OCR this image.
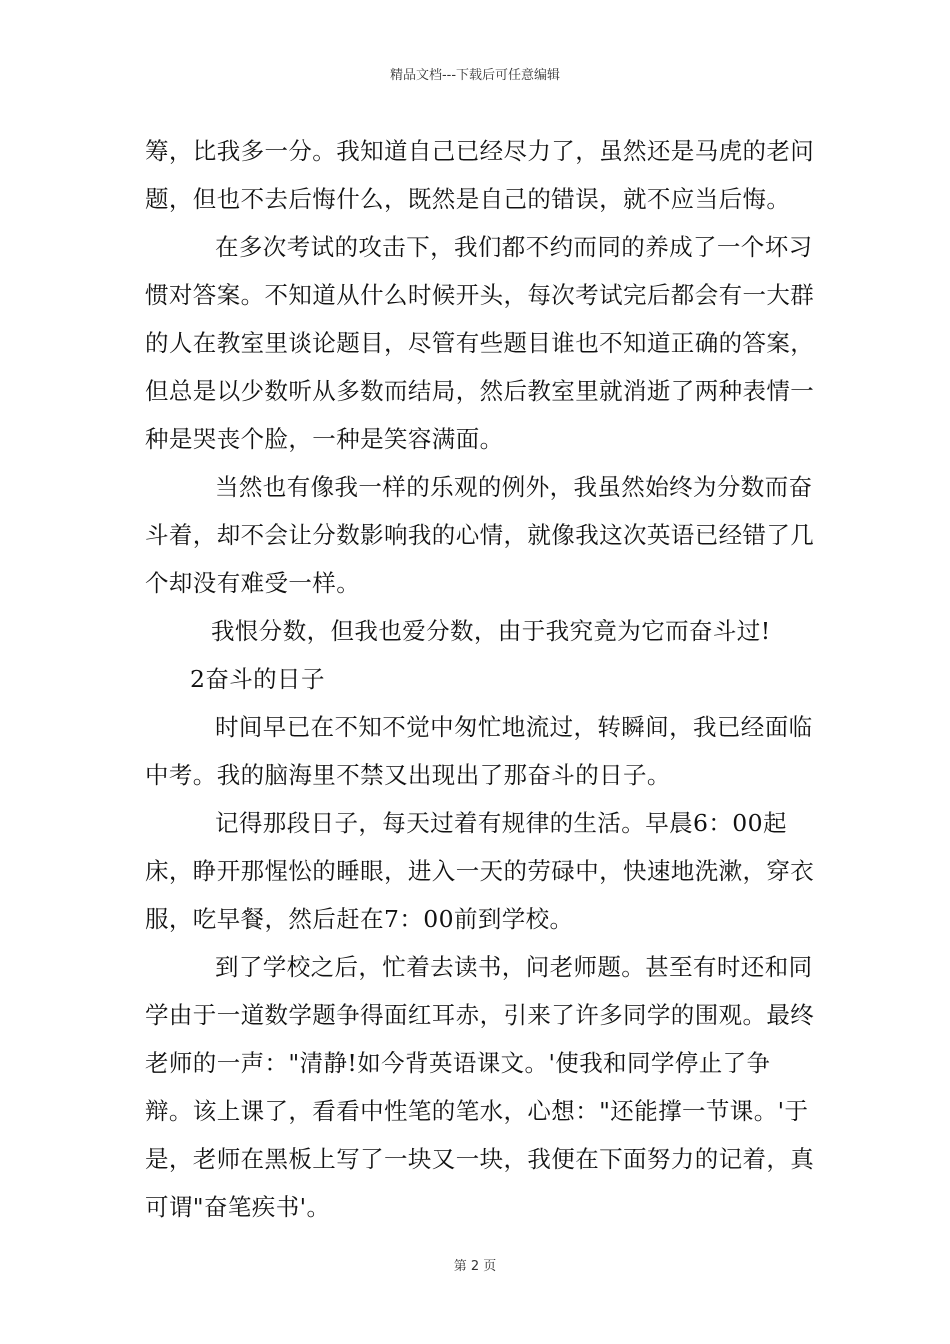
精品文档---下载后可任意编辑

筹，比我多一分。我知道自己已经尽力了，虽然还是马虎的老问题，但也不去后悔什么，既然是自己的错误，就不应当后悔。

在多次考试的攻击下，我们都不约而同的养成了一个坏习惯对答案。不知道从什么时候开头，每次考试完后都会有一大群的人在教室里谈论题目，尽管有些题目谁也不知道正确的答案，但总是以少数听从多数而结局，然后教室里就消逝了两种表情一种是哭丧个脸，一种是笑容满面。

当然也有像我一样的乐观的例外，我虽然始终为分数而奋斗着，却不会让分数影响我的心情，就像我这次英语已经错了几个却没有难受一样。

我恨分数，但我也爱分数，由于我究竟为它而奋斗过!

2奋斗的日子

时间早已在不知不觉中匆忙地流过，转瞬间，我已经面临中考。我的脑海里不禁又出现出了那奋斗的日子。

记得那段日子，每天过着有规律的生活。早晨6：00起床，睁开那惺忪的睡眼，进入一天的劳碌中，快速地洗漱，穿衣服，吃早餐，然后赶在7：00前到学校。

到了学校之后，忙着去读书，问老师题。甚至有时还和同学由于一道数学题争得面红耳赤，引来了许多同学的围观。最终老师的一声："清静!如今背英语课文。'使我和同学停止了争辩。该上课了，看看中性笔的笔水，心想："还能撑一节课。'于是，老师在黑板上写了一块又一块，我便在下面努力的记着，真可谓"奋笔疾书'。

第 2 页
